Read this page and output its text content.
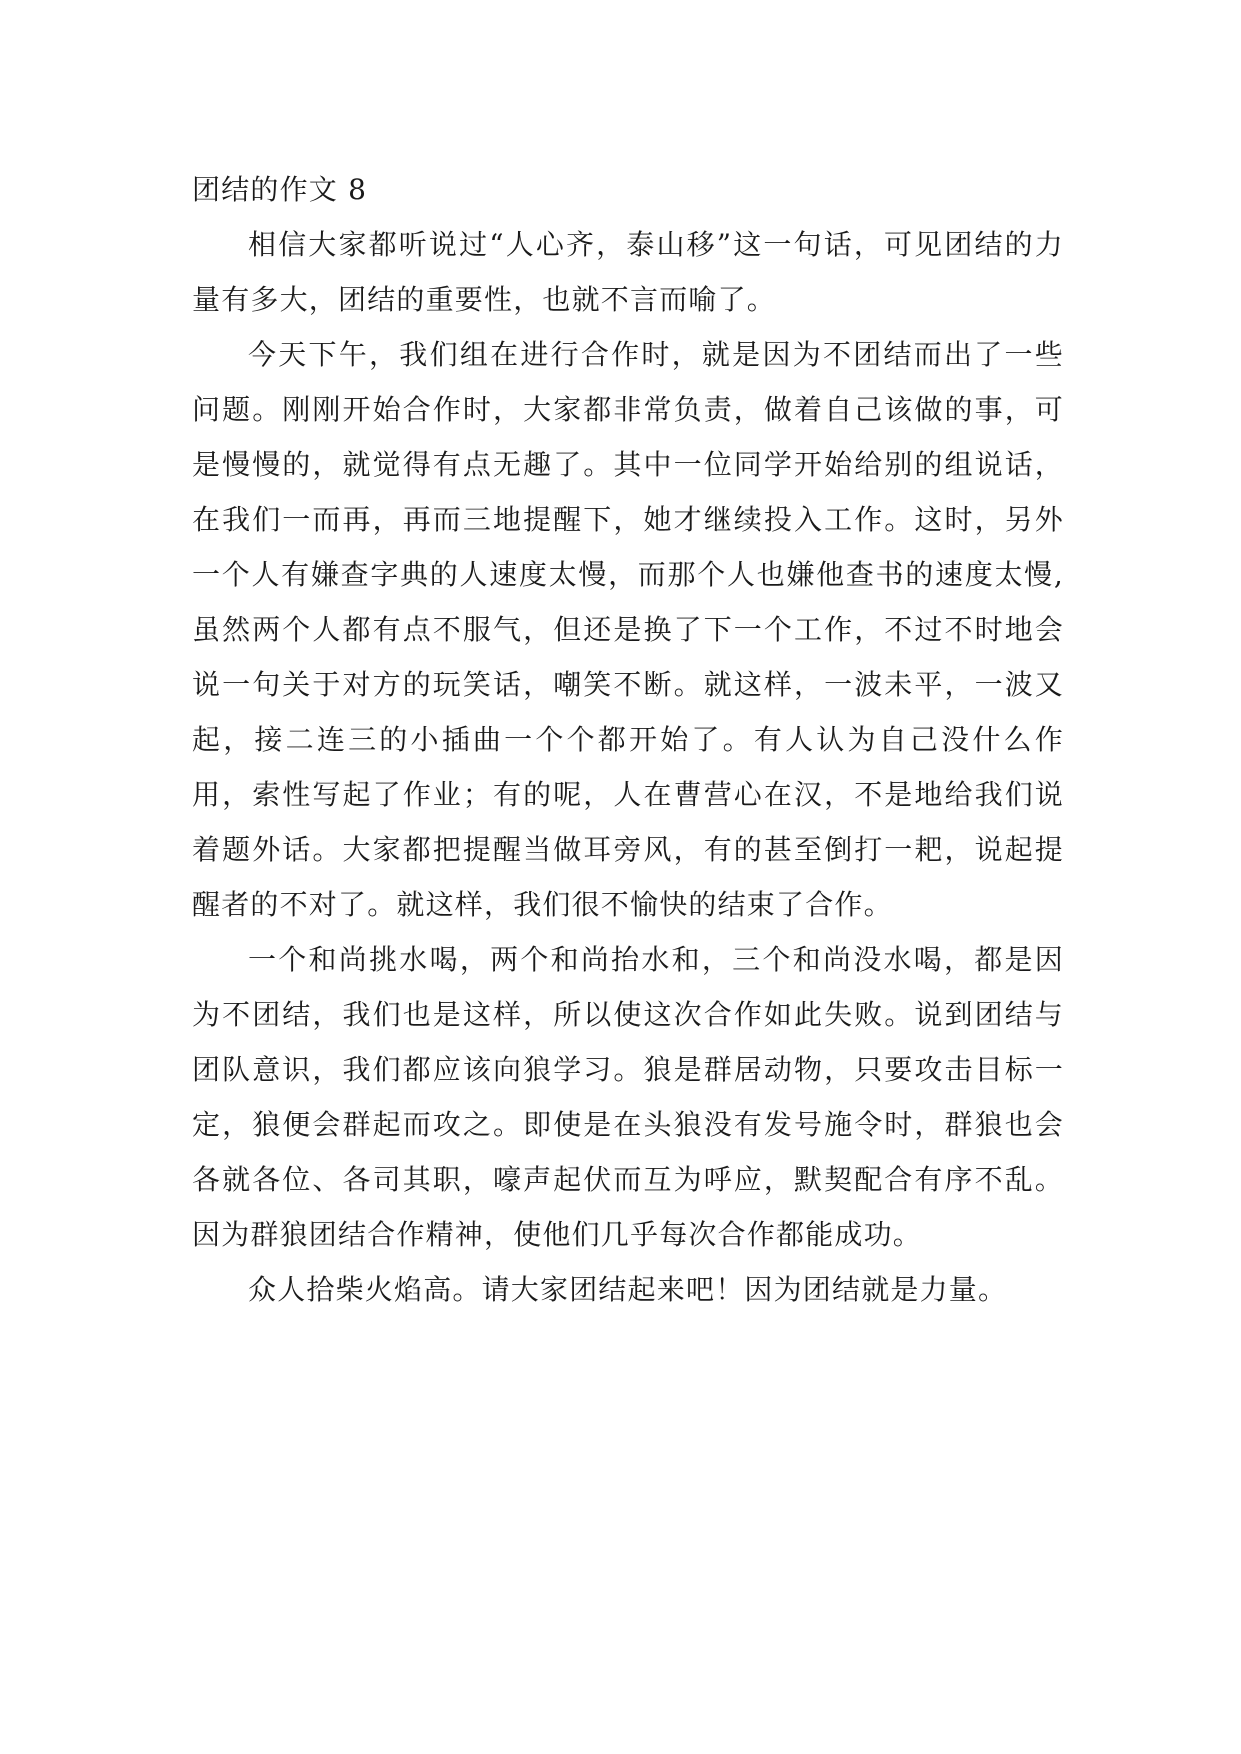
团结的作文 8

相信大家都听说过“人心齐，泰山移”这一句话，可见团结的力量有多大，团结的重要性，也就不言而喻了。

今天下午，我们组在进行合作时，就是因为不团结而出了一些问题。刚刚开始合作时，大家都非常负责，做着自己该做的事，可是慢慢的，就觉得有点无趣了。其中一位同学开始给别的组说话，在我们一而再，再而三地提醒下，她才继续投入工作。这时，另外一个人有嫌查字典的人速度太慢，而那个人也嫌他查书的速度太慢,虽然两个人都有点不服气，但还是换了下一个工作，不过不时地会说一句关于对方的玩笑话，嘲笑不断。就这样，一波未平，一波又起，接二连三的小插曲一个个都开始了。有人认为自己没什么作用，索性写起了作业；有的呢，人在曹营心在汉，不是地给我们说着题外话。大家都把提醒当做耳旁风，有的甚至倒打一耙，说起提醒者的不对了。就这样，我们很不愉快的结束了合作。

一个和尚挑水喝，两个和尚抬水和，三个和尚没水喝，都是因为不团结，我们也是这样，所以使这次合作如此失败。说到团结与团队意识，我们都应该向狼学习。狼是群居动物，只要攻击目标一定，狼便会群起而攻之。即使是在头狼没有发号施令时，群狼也会各就各位、各司其职，嚎声起伏而互为呼应，默契配合有序不乱。因为群狼团结合作精神，使他们几乎每次合作都能成功。

众人拾柴火焰高。请大家团结起来吧！因为团结就是力量。
